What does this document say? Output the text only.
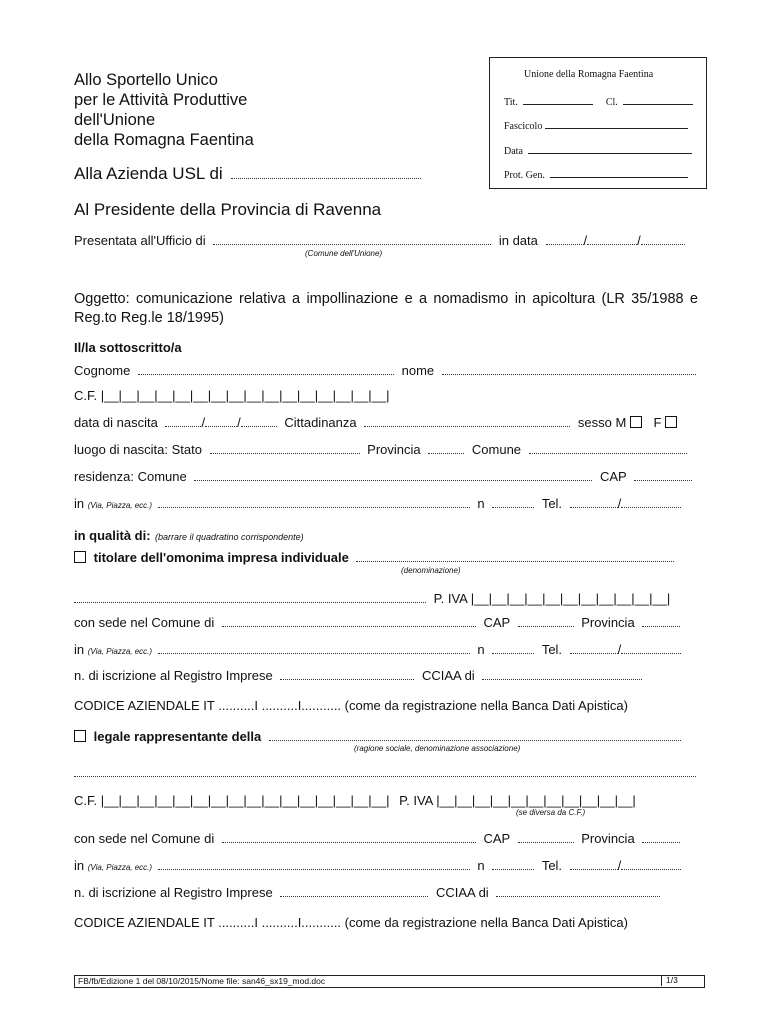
Allo Sportello Unico
per le Attività Produttive
dell'Unione
della Romagna Faentina
Alla Azienda USL di
Al Presidente della Provincia di Ravenna
Unione della Romagna Faentina
Tit.	Cl.
Fascicolo
Data
Prot. Gen.
Presentata all'Ufficio di	in data	/	/
(Comune dell'Unione)
Oggetto: comunicazione relativa a impollinazione e a nomadismo in apicoltura (LR 35/1988 e Reg.to Reg.le 18/1995)
Il/la sottoscritto/a
Cognome	nome
C.F. |__|__|__|__|__|__|__|__|__|__|__|__|__|__|__|__|
data di nascita	/ /	Cittadinanza	sesso M F
luogo di nascita: Stato	Provincia	Comune
residenza: Comune	CAP
in (Via, Piazza, ecc.)	n	Tel.	/
in qualità di: (barrare il quadratino corrispondente)
titolare dell'omonima impresa individuale
(denominazione)
P. IVA |__|__|__|__|__|__|__|__|__|__|__|
con sede nel Comune di	CAP	Provincia
in (Via, Piazza, ecc.)	n	Tel.	/
n. di iscrizione al Registro Imprese	CCIAA di
CODICE AZIENDALE IT ..........I ..........I........... (come da registrazione nella Banca Dati Apistica)
legale rappresentante della
(ragione sociale, denominazione associazione)
C.F. |__|__|__|__|__|__|__|__|__|__|__|__|__|__|__|__| P. IVA |__|__|__|__|__|__|__|__|__|__|__|
(se diversa da C.F.)
con sede nel Comune di	CAP	Provincia
in (Via, Piazza, ecc.)	n	Tel.	/
n. di iscrizione al Registro Imprese	CCIAA di
CODICE AZIENDALE IT ..........I ..........I........... (come da registrazione nella Banca Dati Apistica)
FB/fb/Edizione 1 del 08/10/2015/Nome file: san46_sx19_mod.doc	1/3
